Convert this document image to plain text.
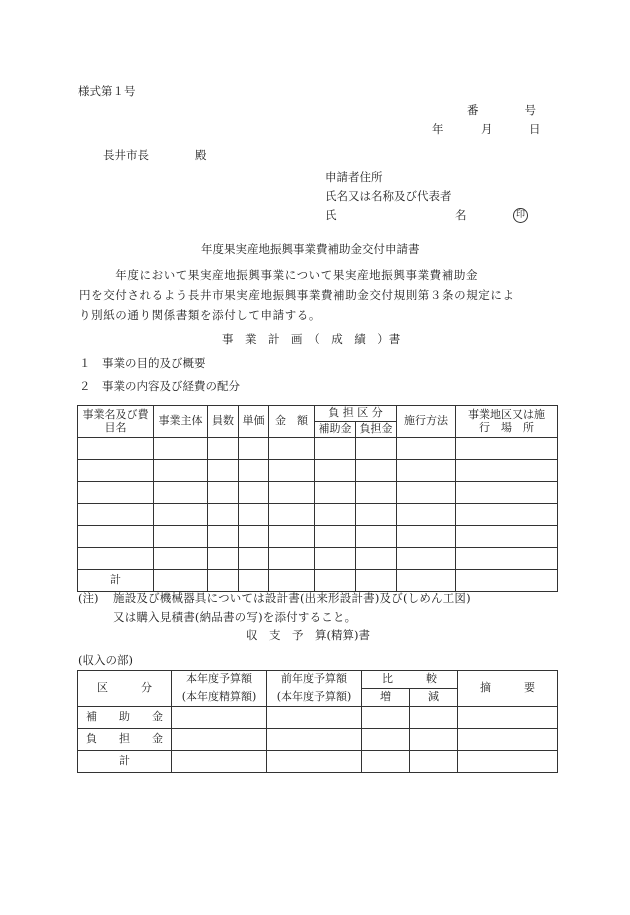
様式第１号
番　　　　号
年	月	日
長井市長　　　　殿
申請者住所
氏名又は名称及び代表者
氏	名	印
年度果実産地振興事業費補助金交付申請書
　　　年度において果実産地振興事業について果実産地振興事業費補助金
円を交付されるよう長井市果実産地振興事業費補助金交付規則第３条の規定によ
り別紙の通り関係書類を添付して申請する。
事　業　計　画　（　成　績　）書
１　事業の目的及び概要
２　事業の内容及び経費の配分
事業名及び費目名	事業主体	員数	単価	金　額	負 担 区 分		施行方法	事業地区又は施　行　場　所

					補助金	負担金		

計								
(注) 施設及び機械器具については設計書(出来形設計書)及び(しめん工図)
又は購入見積書(納品書の写)を添付すること。
収　支　予　算(精算)書
(収入の部)
区　　　分	本年度予算額	前年度予算額	比　　　較		摘　　　要
	(本年度精算額)	(本年度予算額)	増	減	
補　　助　　金					
負　　担　　金					
計					
